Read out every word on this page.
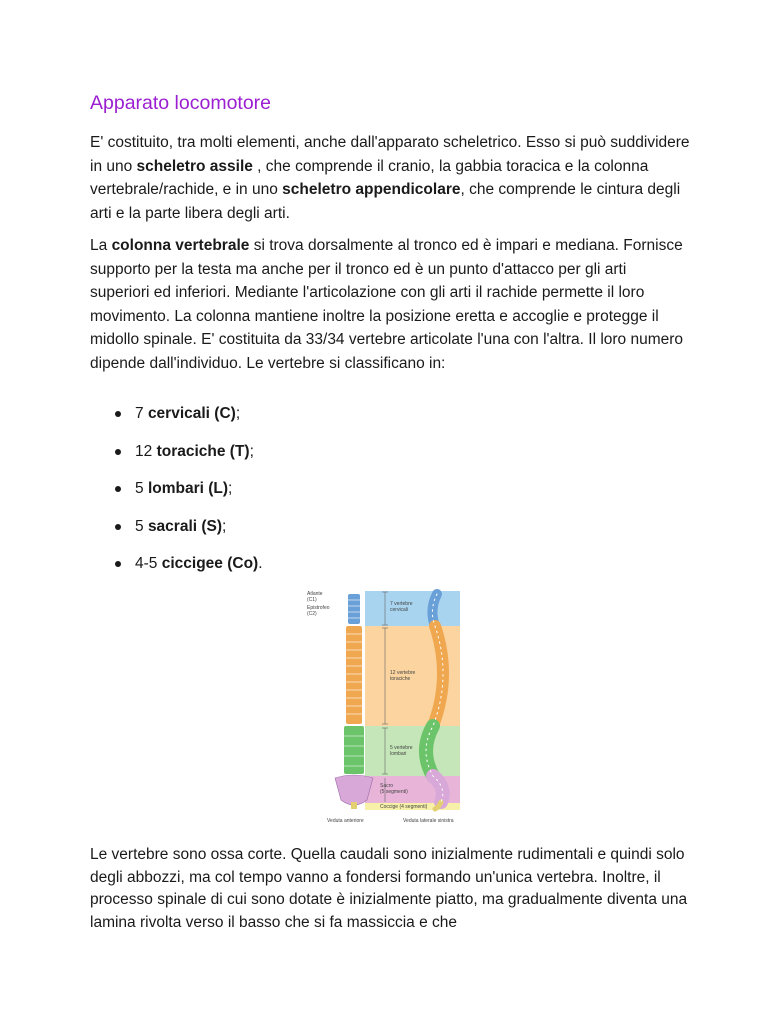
Apparato locomotore

E' costituito, tra molti elementi, anche dall'apparato scheletrico. Esso si può suddividere in uno scheletro assile , che comprende il cranio, la gabbia toracica e la colonna vertebrale/rachide, e in uno scheletro appendicolare, che comprende le cintura degli arti e la parte libera degli arti.

La colonna vertebrale si trova dorsalmente al tronco ed è impari e mediana. Fornisce supporto per la testa ma anche per il tronco ed è un punto d'attacco per gli arti superiori ed inferiori. Mediante l'articolazione con gli arti il rachide permette il loro movimento. La colonna mantiene inoltre la posizione eretta e accoglie e protegge il midollo spinale. E' costituita da 33/34 vertebre articolate l'una con l'altra. Il loro numero dipende dall'individuo. Le vertebre si classificano in:

7 cervicali (C);
12 toraciche (T);
5 lombari (L);
5 sacrali (S);
4-5 ciccigee (Co).
Atlante
(C1)
Epistrofeo
(C2)
7 vertebre
cervicali
12 vertebre
toraciche
5 vertebre
lombari
Sacro
(5 segmenti)
Coccige (4 segmenti)
Veduta anteriore	Veduta laterale sinistra

Le vertebre sono ossa corte. Quella caudali sono inizialmente rudimentali e quindi solo degli abbozzi, ma col tempo vanno a fondersi formando un'unica vertebra. Inoltre, il processo spinale di cui sono dotate è inizialmente piatto, ma gradualmente diventa una lamina rivolta verso il basso che si fa massiccia e che
